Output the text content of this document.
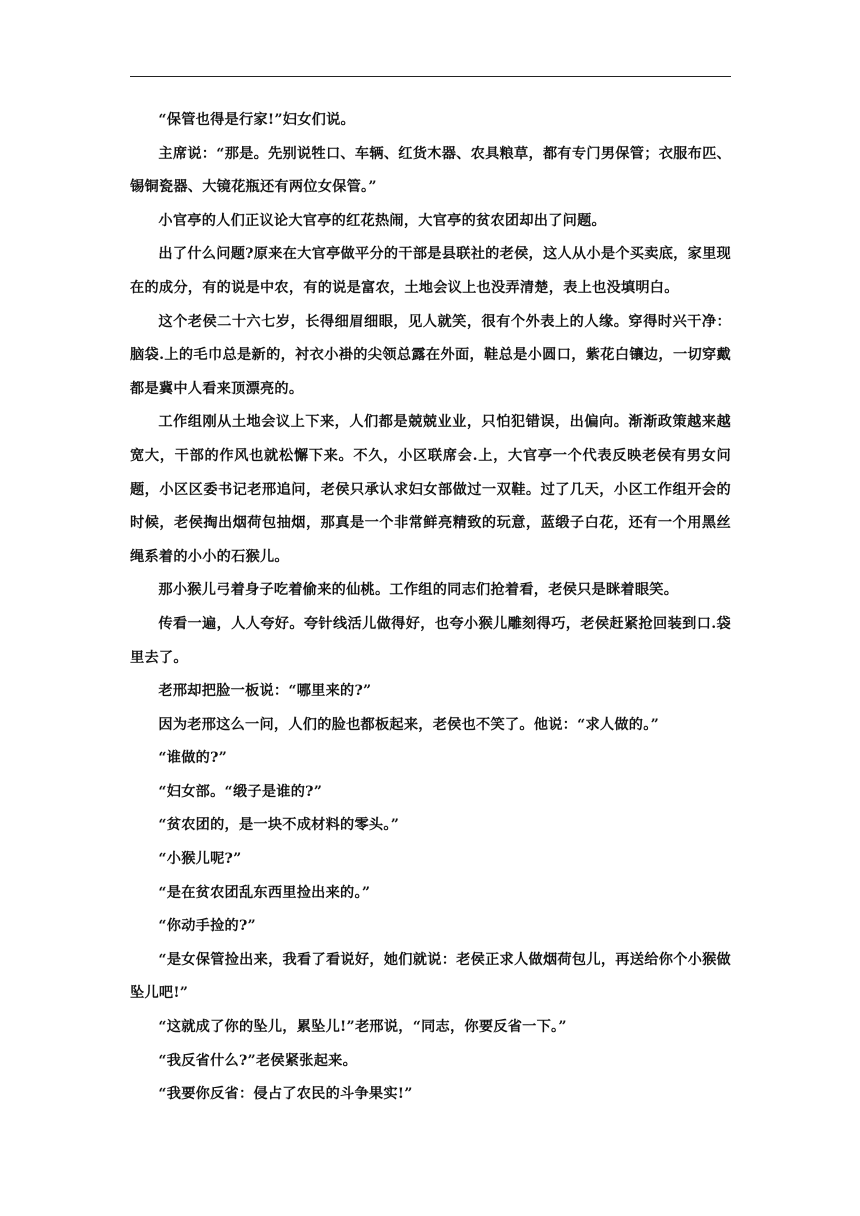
“保管也得是行家!”妇女们说。

主席说：“那是。先别说牲口、车辆、红货木器、农具粮草，都有专门男保管；衣服布匹、锡铜瓷器、大镜花瓶还有两位女保管。”

小官亭的人们正议论大官亭的红花热闹，大官亭的贫农团却出了问题。

出了什么问题?原来在大官亭做平分的干部是县联社的老侯，这人从小是个买卖底，家里现在的成分，有的说是中农，有的说是富农，土地会议上也没弄清楚，表上也没填明白。

这个老侯二十六七岁，长得细眉细眼，见人就笑，很有个外表上的人缘。穿得时兴干净：脑袋.上的毛巾总是新的，衬衣小褂的尖领总露在外面，鞋总是小圆口，紫花白镶边，一切穿戴都是冀中人看来顶漂亮的。

工作组刚从土地会议上下来，人们都是兢兢业业，只怕犯错误，出偏向。渐渐政策越来越宽大，干部的作风也就松懈下来。不久，小区联席会.上，大官亭一个代表反映老侯有男女问题，小区区委书记老邢追问，老侯只承认求妇女部做过一双鞋。过了几天，小区工作组开会的时候，老侯掏出烟荷包抽烟，那真是一个非常鲜亮精致的玩意，蓝缎子白花，还有一个用黑丝绳系着的小小的石猴儿。

那小猴儿弓着身子吃着偷来的仙桃。工作组的同志们抢着看，老侯只是眯着眼笑。

传看一遍，人人夸好。夸针线活儿做得好，也夸小猴儿雕刻得巧，老侯赶紧抢回装到口.袋里去了。

老邢却把脸一板说：“哪里来的?”

因为老邢这么一问，人们的脸也都板起来，老侯也不笑了。他说：“求人做的。”

“谁做的?”

“妇女部。“缎子是谁的?”

“贫农团的，是一块不成材料的零头。”

“小猴儿呢?”

“是在贫农团乱东西里捡出来的。”

“你动手捡的?”

“是女保管捡出来，我看了看说好，她们就说：老侯正求人做烟荷包儿，再送给你个小猴做坠儿吧!”

“这就成了你的坠儿，累坠儿!”老邢说，“同志，你要反省一下。”

“我反省什么?”老侯紧张起来。

“我要你反省：侵占了农民的斗争果实!”
